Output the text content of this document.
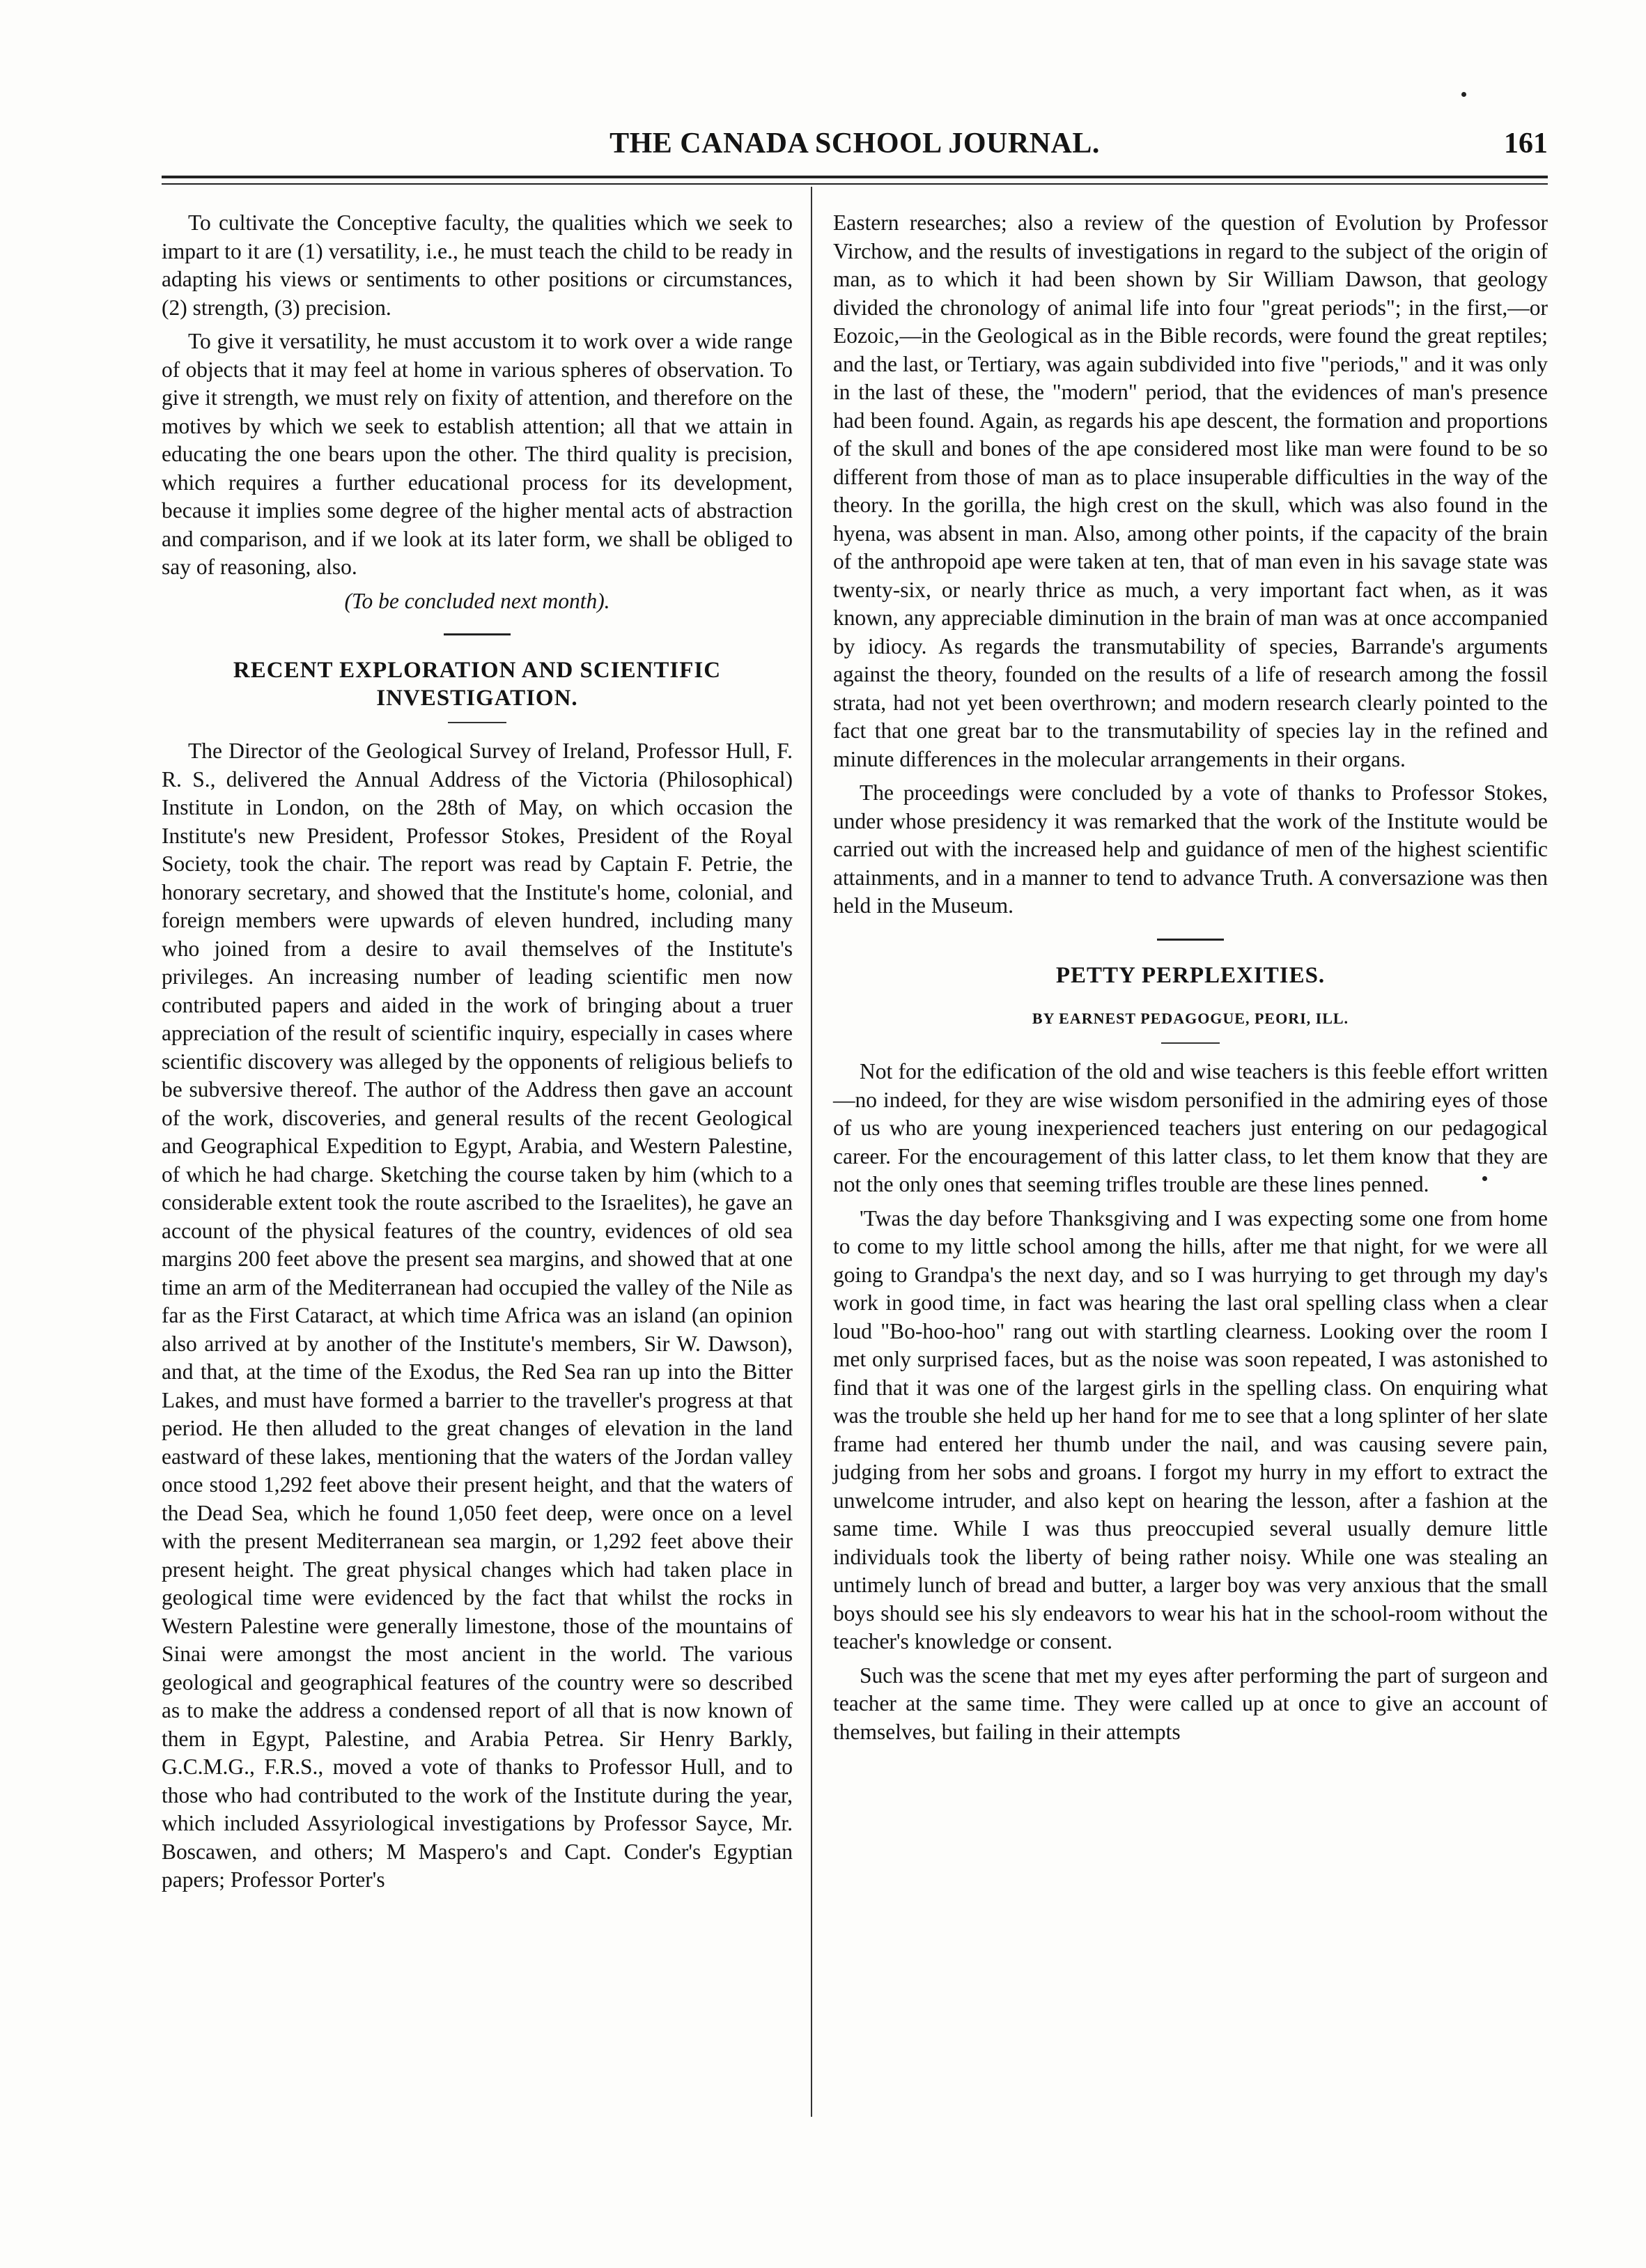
THE CANADA SCHOOL JOURNAL.	161

To cultivate the Conceptive faculty, the qualities which we seek to impart to it are (1) versatility, i.e., he must teach the child to be ready in adapting his views or sentiments to other positions or circumstances, (2) strength, (3) precision.

To give it versatility, he must accustom it to work over a wide range of objects that it may feel at home in various spheres of observation. To give it strength, we must rely on fixity of attention, and therefore on the motives by which we seek to establish attention; all that we attain in educating the one bears upon the other. The third quality is precision, which requires a further educational process for its development, because it implies some degree of the higher mental acts of abstraction and comparison, and if we look at its later form, we shall be obliged to say of reasoning, also.

(To be concluded next month).

RECENT EXPLORATION AND SCIENTIFIC INVESTIGATION.

The Director of the Geological Survey of Ireland, Professor Hull, F. R. S., delivered the Annual Address of the Victoria (Philosophical) Institute in London, on the 28th of May, on which occasion the Institute's new President, Professor Stokes, President of the Royal Society, took the chair. The report was read by Captain F. Petrie, the honorary secretary, and showed that the Institute's home, colonial, and foreign members were upwards of eleven hundred, including many who joined from a desire to avail themselves of the Institute's privileges. An increasing number of leading scientific men now contributed papers and aided in the work of bringing about a truer appreciation of the result of scientific inquiry, especially in cases where scientific discovery was alleged by the opponents of religious beliefs to be subversive thereof. The author of the Address then gave an account of the work, discoveries, and general results of the recent Geological and Geographical Expedition to Egypt, Arabia, and Western Palestine, of which he had charge. Sketching the course taken by him (which to a considerable extent took the route ascribed to the Israelites), he gave an account of the physical features of the country, evidences of old sea margins 200 feet above the present sea margins, and showed that at one time an arm of the Mediterranean had occupied the valley of the Nile as far as the First Cataract, at which time Africa was an island (an opinion also arrived at by another of the Institute's members, Sir W. Dawson), and that, at the time of the Exodus, the Red Sea ran up into the Bitter Lakes, and must have formed a barrier to the traveller's progress at that period. He then alluded to the great changes of elevation in the land eastward of these lakes, mentioning that the waters of the Jordan valley once stood 1,292 feet above their present height, and that the waters of the Dead Sea, which he found 1,050 feet deep, were once on a level with the present Mediterranean sea margin, or 1,292 feet above their present height. The great physical changes which had taken place in geological time were evidenced by the fact that whilst the rocks in Western Palestine were generally limestone, those of the mountains of Sinai were amongst the most ancient in the world. The various geological and geographical features of the country were so described as to make the address a condensed report of all that is now known of them in Egypt, Palestine, and Arabia Petrea. Sir Henry Barkly, G.C.M.G., F.R.S., moved a vote of thanks to Professor Hull, and to those who had contributed to the work of the Institute during the year, which included Assyriological investigations by Professor Sayce, Mr. Boscawen, and others; M Maspero's and Capt. Conder's Egyptian papers; Professor Porter's

Eastern researches; also a review of the question of Evolution by Professor Virchow, and the results of investigations in regard to the subject of the origin of man, as to which it had been shown by Sir William Dawson, that geology divided the chronology of animal life into four "great periods"; in the first,—or Eozoic,—in the Geological as in the Bible records, were found the great reptiles; and the last, or Tertiary, was again subdivided into five "periods," and it was only in the last of these, the "modern" period, that the evidences of man's presence had been found. Again, as regards his ape descent, the formation and proportions of the skull and bones of the ape considered most like man were found to be so different from those of man as to place insuperable difficulties in the way of the theory. In the gorilla, the high crest on the skull, which was also found in the hyena, was absent in man. Also, among other points, if the capacity of the brain of the anthropoid ape were taken at ten, that of man even in his savage state was twenty-six, or nearly thrice as much, a very important fact when, as it was known, any appreciable diminution in the brain of man was at once accompanied by idiocy. As regards the transmutability of species, Barrande's arguments against the theory, founded on the results of a life of research among the fossil strata, had not yet been overthrown; and modern research clearly pointed to the fact that one great bar to the transmutability of species lay in the refined and minute differences in the molecular arrangements in their organs.

The proceedings were concluded by a vote of thanks to Professor Stokes, under whose presidency it was remarked that the work of the Institute would be carried out with the increased help and guidance of men of the highest scientific attainments, and in a manner to tend to advance Truth. A conversazione was then held in the Museum.

PETTY PERPLEXITIES.
BY EARNEST PEDAGOGUE, PEORI, ILL.

Not for the edification of the old and wise teachers is this feeble effort written—no indeed, for they are wise wisdom personified in the admiring eyes of those of us who are young inexperienced teachers just entering on our pedagogical career. For the encouragement of this latter class, to let them know that they are not the only ones that seeming trifles trouble are these lines penned.

'Twas the day before Thanksgiving and I was expecting some one from home to come to my little school among the hills, after me that night, for we were all going to Grandpa's the next day, and so I was hurrying to get through my day's work in good time, in fact was hearing the last oral spelling class when a clear loud "Bo-hoo-hoo" rang out with startling clearness. Looking over the room I met only surprised faces, but as the noise was soon repeated, I was astonished to find that it was one of the largest girls in the spelling class. On enquiring what was the trouble she held up her hand for me to see that a long splinter of her slate frame had entered her thumb under the nail, and was causing severe pain, judging from her sobs and groans. I forgot my hurry in my effort to extract the unwelcome intruder, and also kept on hearing the lesson, after a fashion at the same time. While I was thus preoccupied several usually demure little individuals took the liberty of being rather noisy. While one was stealing an untimely lunch of bread and butter, a larger boy was very anxious that the small boys should see his sly endeavors to wear his hat in the school-room without the teacher's knowledge or consent.

Such was the scene that met my eyes after performing the part of surgeon and teacher at the same time. They were called up at once to give an account of themselves, but failing in their attempts
